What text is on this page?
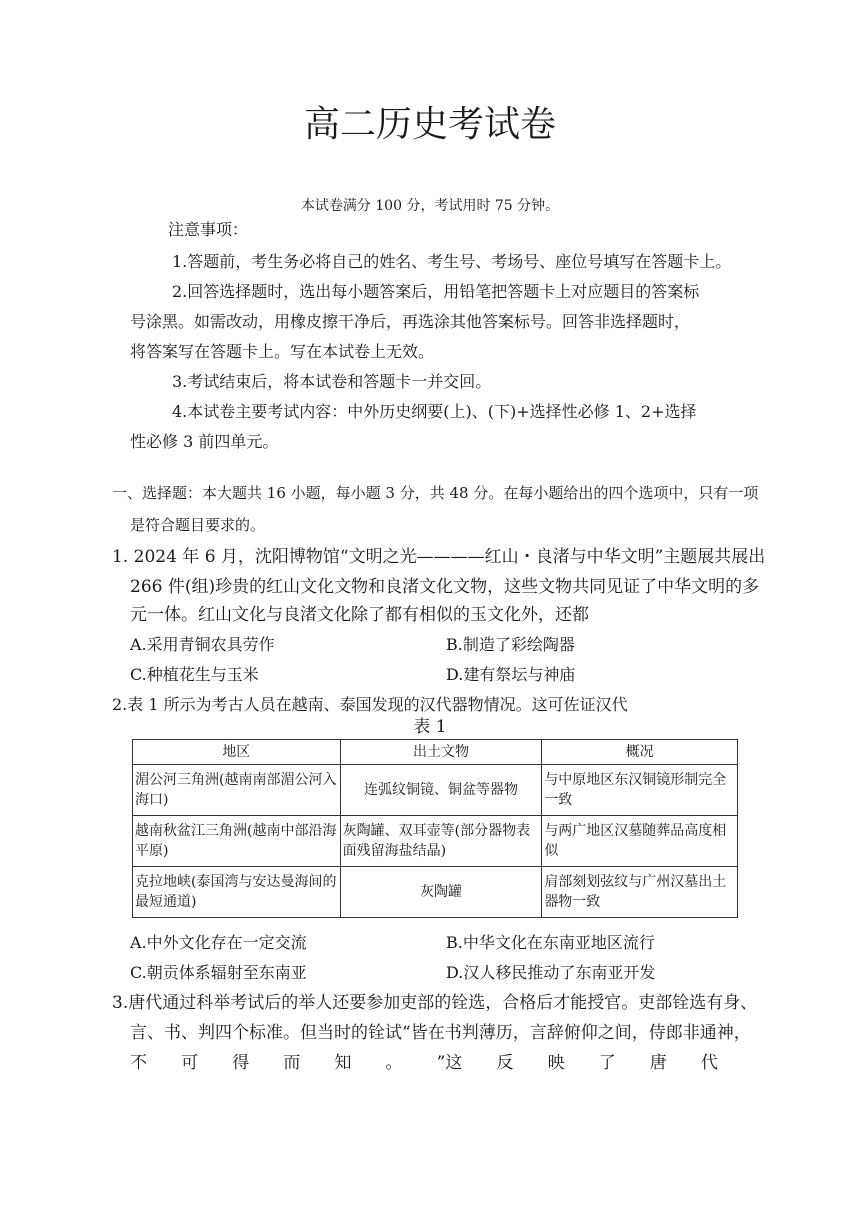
高二历史考试卷
本试卷满分 100 分，考试用时 75 分钟。
注意事项：
1.答题前，考生务必将自己的姓名、考生号、考场号、座位号填写在答题卡上。
2.回答选择题时，选出每小题答案后，用铅笔把答题卡上对应题目的答案标
号涂黑。如需改动，用橡皮擦干净后，再选涂其他答案标号。回答非选择题时，
将答案写在答题卡上。写在本试卷上无效。
3.考试结束后，将本试卷和答题卡一并交回。
4.本试卷主要考试内容：中外历史纲要(上)、(下)+选择性必修 1、2+选择
性必修 3 前四单元。
一、选择题：本大题共 16 小题，每小题 3 分，共 48 分。在每小题给出的四个选项中，只有一项
是符合题目要求的。
1. 2024 年 6 月，沈阳博物馆“文明之光————红山・良渚与中华文明”主题展共展出
266 件(组)珍贵的红山文化文物和良渚文化文物，这些文物共同见证了中华文明的多
元一体。红山文化与良渚文化除了都有相似的玉文化外，还都
A.采用青铜农具劳作	B.制造了彩绘陶器
C.种植花生与玉米	D.建有祭坛与神庙
2.表 1 所示为考古人员在越南、泰国发现的汉代器物情况。这可佐证汉代
表 1
地区	出土文物	概况
湄公河三角洲(越南南部湄公河入海口)	连弧纹铜镜、铜盆等器物	与中原地区东汉铜镜形制完全一致
越南秋盆江三角洲(越南中部沿海平原)	灰陶罐、双耳壶等(部分器物表面残留海盐结晶)	与两广地区汉墓随葬品高度相似
克拉地峡(泰国湾与安达曼海间的最短通道)	灰陶罐	肩部刻划弦纹与广州汉墓出土器物一致
A.中外文化存在一定交流	B.中华文化在东南亚地区流行
C.朝贡体系辐射至东南亚	D.汉人移民推动了东南亚开发
3.唐代通过科举考试后的举人还要参加吏部的铨选，合格后才能授官。吏部铨选有身、
言、书、判四个标准。但当时的铨试“皆在书判薄历，言辞俯仰之间，侍郎非通神，
不 可 得 而 知 。 ”这 反 映 了 唐 代
